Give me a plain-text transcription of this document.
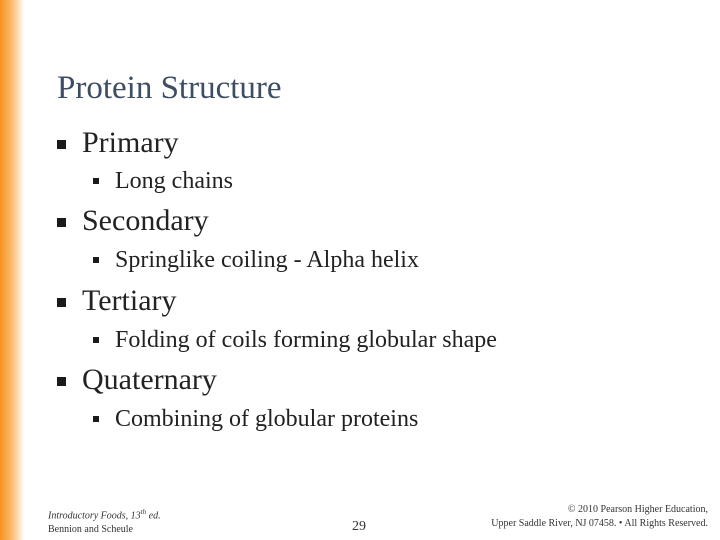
Protein Structure
Primary
Long chains
Secondary
Springlike coiling - Alpha helix
Tertiary
Folding of coils forming globular shape
Quaternary
Combining of globular proteins
Introductory Foods, 13th ed.
Bennion and Scheule	29
© 2010 Pearson Higher Education,
Upper Saddle River, NJ 07458. • All Rights Reserved.
